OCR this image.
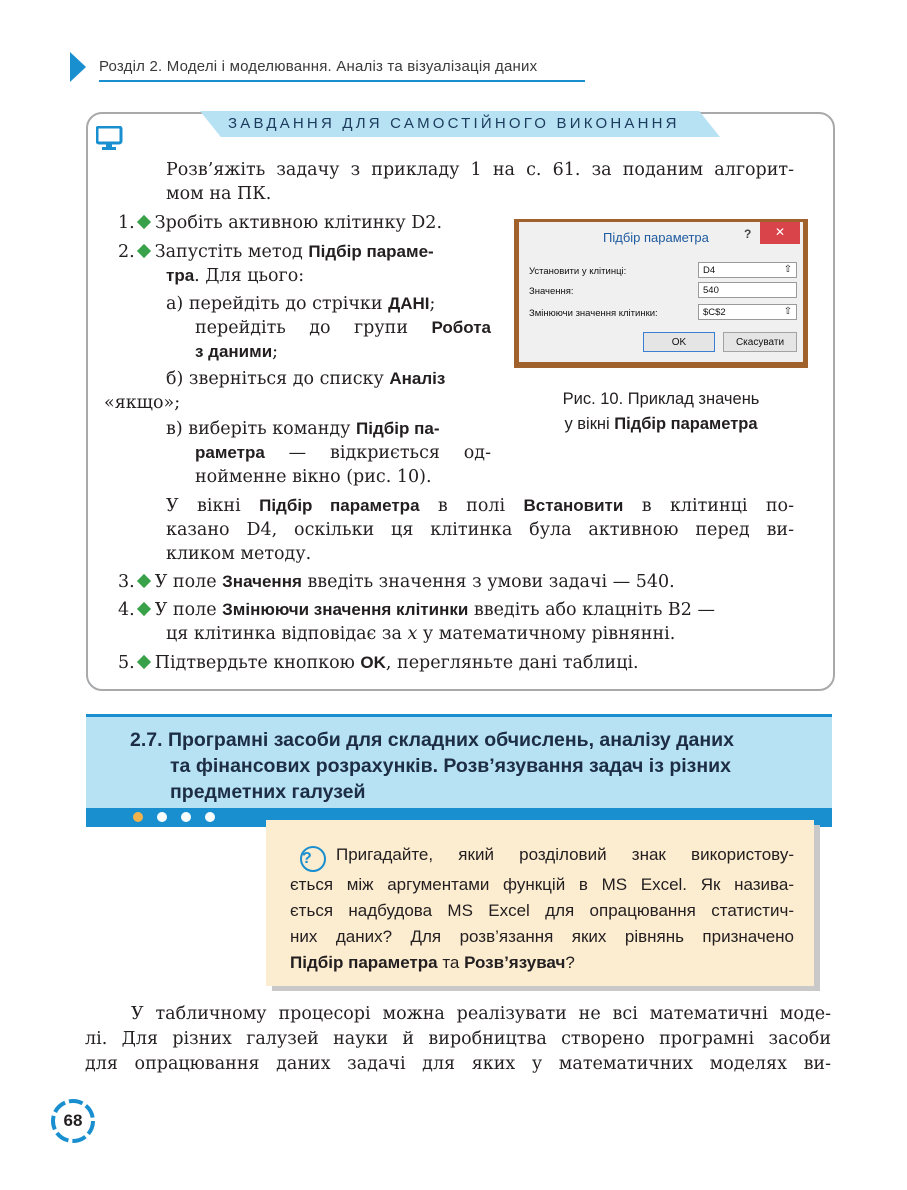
Розділ 2. Моделі і моделювання. Аналіз та візуалізація даних
ЗАВДАННЯ ДЛЯ САМОСТІЙНОГО ВИКОНАННЯ
Розв’яжіть задачу з прикладу 1 на с. 61. за поданим алгорит-
мом на ПК.
1. Зробіть активною клітинку D2.
2. Запустіть метод Підбір параме-
тра. Для цього:
а) перейдіть до стрічки ДАНІ;
перейдіть до групи Робота
з даними;
б) зверніться до списку Аналіз
«якщо»;
в) виберіть команду Підбір па-
раметра — відкриється од-
нойменне вікно (рис. 10).
У вікні Підбір параметра в полі Встановити в клітинці по-
казано D4, оскільки ця клітинка була активною перед ви-
кликом методу.
3. У поле Значення введіть значення з умови задачі — 540.
4. У поле Змінюючи значення клітинки введіть або клацніть B2 —
ця клітинка відповідає за x у математичному рівнянні.
5. Підтвердьте кнопкою OK, перегляньте дані таблиці.
Підбір параметра	?	✕
Установити у клітинці:	D4	⇧
Значення:	540
Змінюючи значення клітинки:	$C$2	⇧
OK	Скасувати
Рис. 10. Приклад значень
у вікні Підбір параметра
2.7. Програмні засоби для складних обчислень, аналізу даних
та фінансових розрахунків. Розв’язування задач із різних
предметних галузей
? Пригадайте, який розділовий знак використову-
ється між аргументами функцій в MS Excel. Як назива-
ється надбудова MS Excel для опрацювання статистич-
них даних? Для розв’язання яких рівнянь призначено
Підбір параметра та Розв’язувач?
У табличному процесорі можна реалізувати не всі математичні моде-
лі. Для різних галузей науки й виробництва створено програмні засоби
для опрацювання даних задачі для яких у математичних моделях ви-
68
